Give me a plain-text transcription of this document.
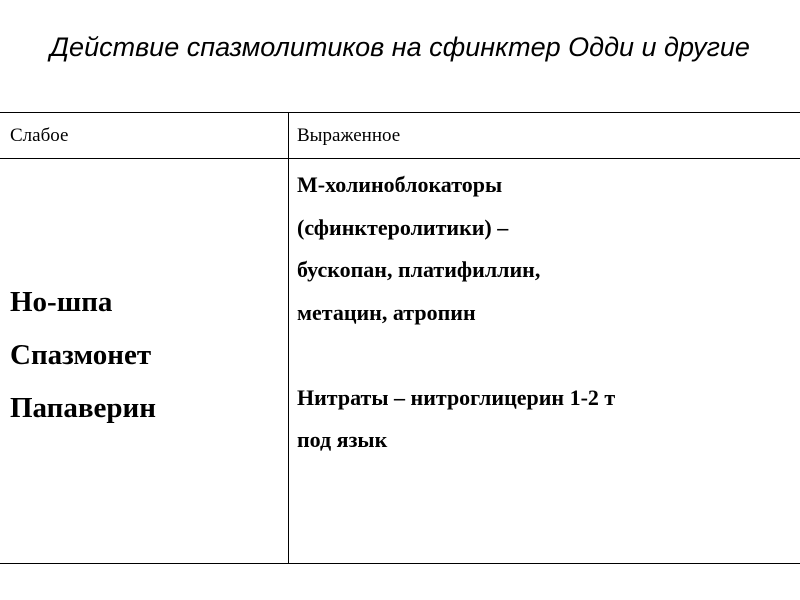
Действие спазмолитиков на сфинктер Одди и другие
Слабое	Выраженное
Но-шпа
Спазмонет
Папаверин
М-холиноблокаторы
(сфинктеролитики) –
бускопан, платифиллин,
метацин, атропин
Нитраты – нитроглицерин 1-2 т
под язык
